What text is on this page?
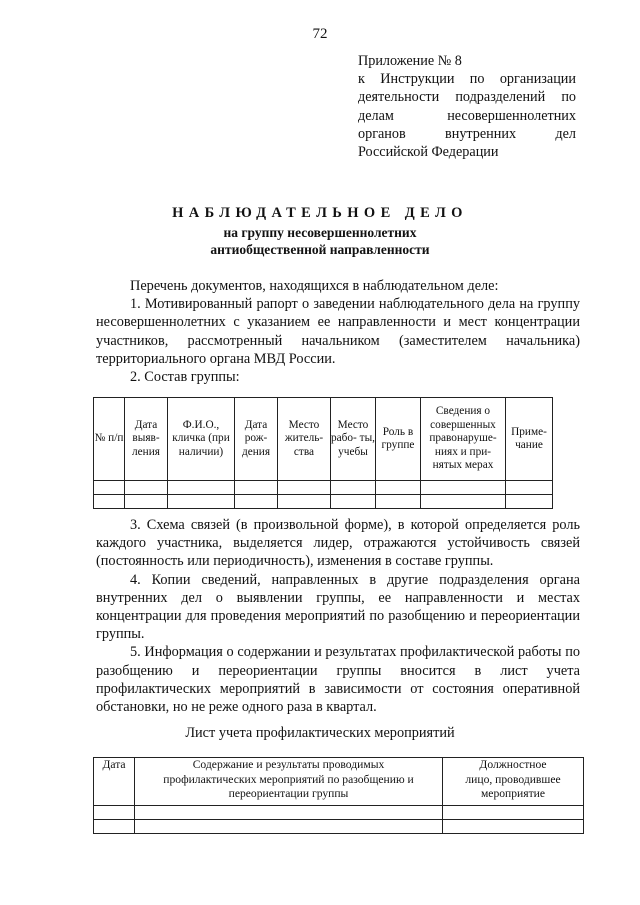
72
Приложение № 8
к Инструкции по организации
деятельности подразделений по
делам	несовершеннолетних
органов	внутренних	дел
Российской Федерации
НАБЛЮДАТЕЛЬНОЕ ДЕЛО
на группу несовершеннолетних
антиобщественной направленности
Перечень документов, находящихся в наблюдательном деле:
1. Мотивированный рапорт о заведении наблюдательного дела на группу несовершеннолетних с указанием ее направленности и мест концентрации участников, рассмотренный начальником (заместителем начальника) территориального органа МВД России.
2. Состав группы:
№ п/п	Дата выяв- ления	Ф.И.О., кличка (при наличии)	Дата рож- дения	Место житель- ства	Место рабо- ты, учебы	Роль в группе	Сведения о совершенных правонаруше- ниях и при- нятых мерах	Приме- чание

3. Схема связей (в произвольной форме), в которой определяется роль каждого участника, выделяется лидер, отражаются устойчивость связей (постоянность или периодичность), изменения в составе группы.
4. Копии сведений, направленных в другие подразделения органа внутренних дел о выявлении группы, ее направленности и местах концентрации для проведения мероприятий по разобщению и переориентации группы.
5. Информация о содержании и результатах профилактической работы по разобщению и переориентации группы вносится в лист учета профилактических мероприятий в зависимости от состояния оперативной обстановки, но не реже одного раза в квартал.
Лист учета профилактических мероприятий
Дата	Содержание и результаты проводимых профилактических мероприятий по разобщению и переориентации группы	Должностное лицо, проводившее мероприятие
